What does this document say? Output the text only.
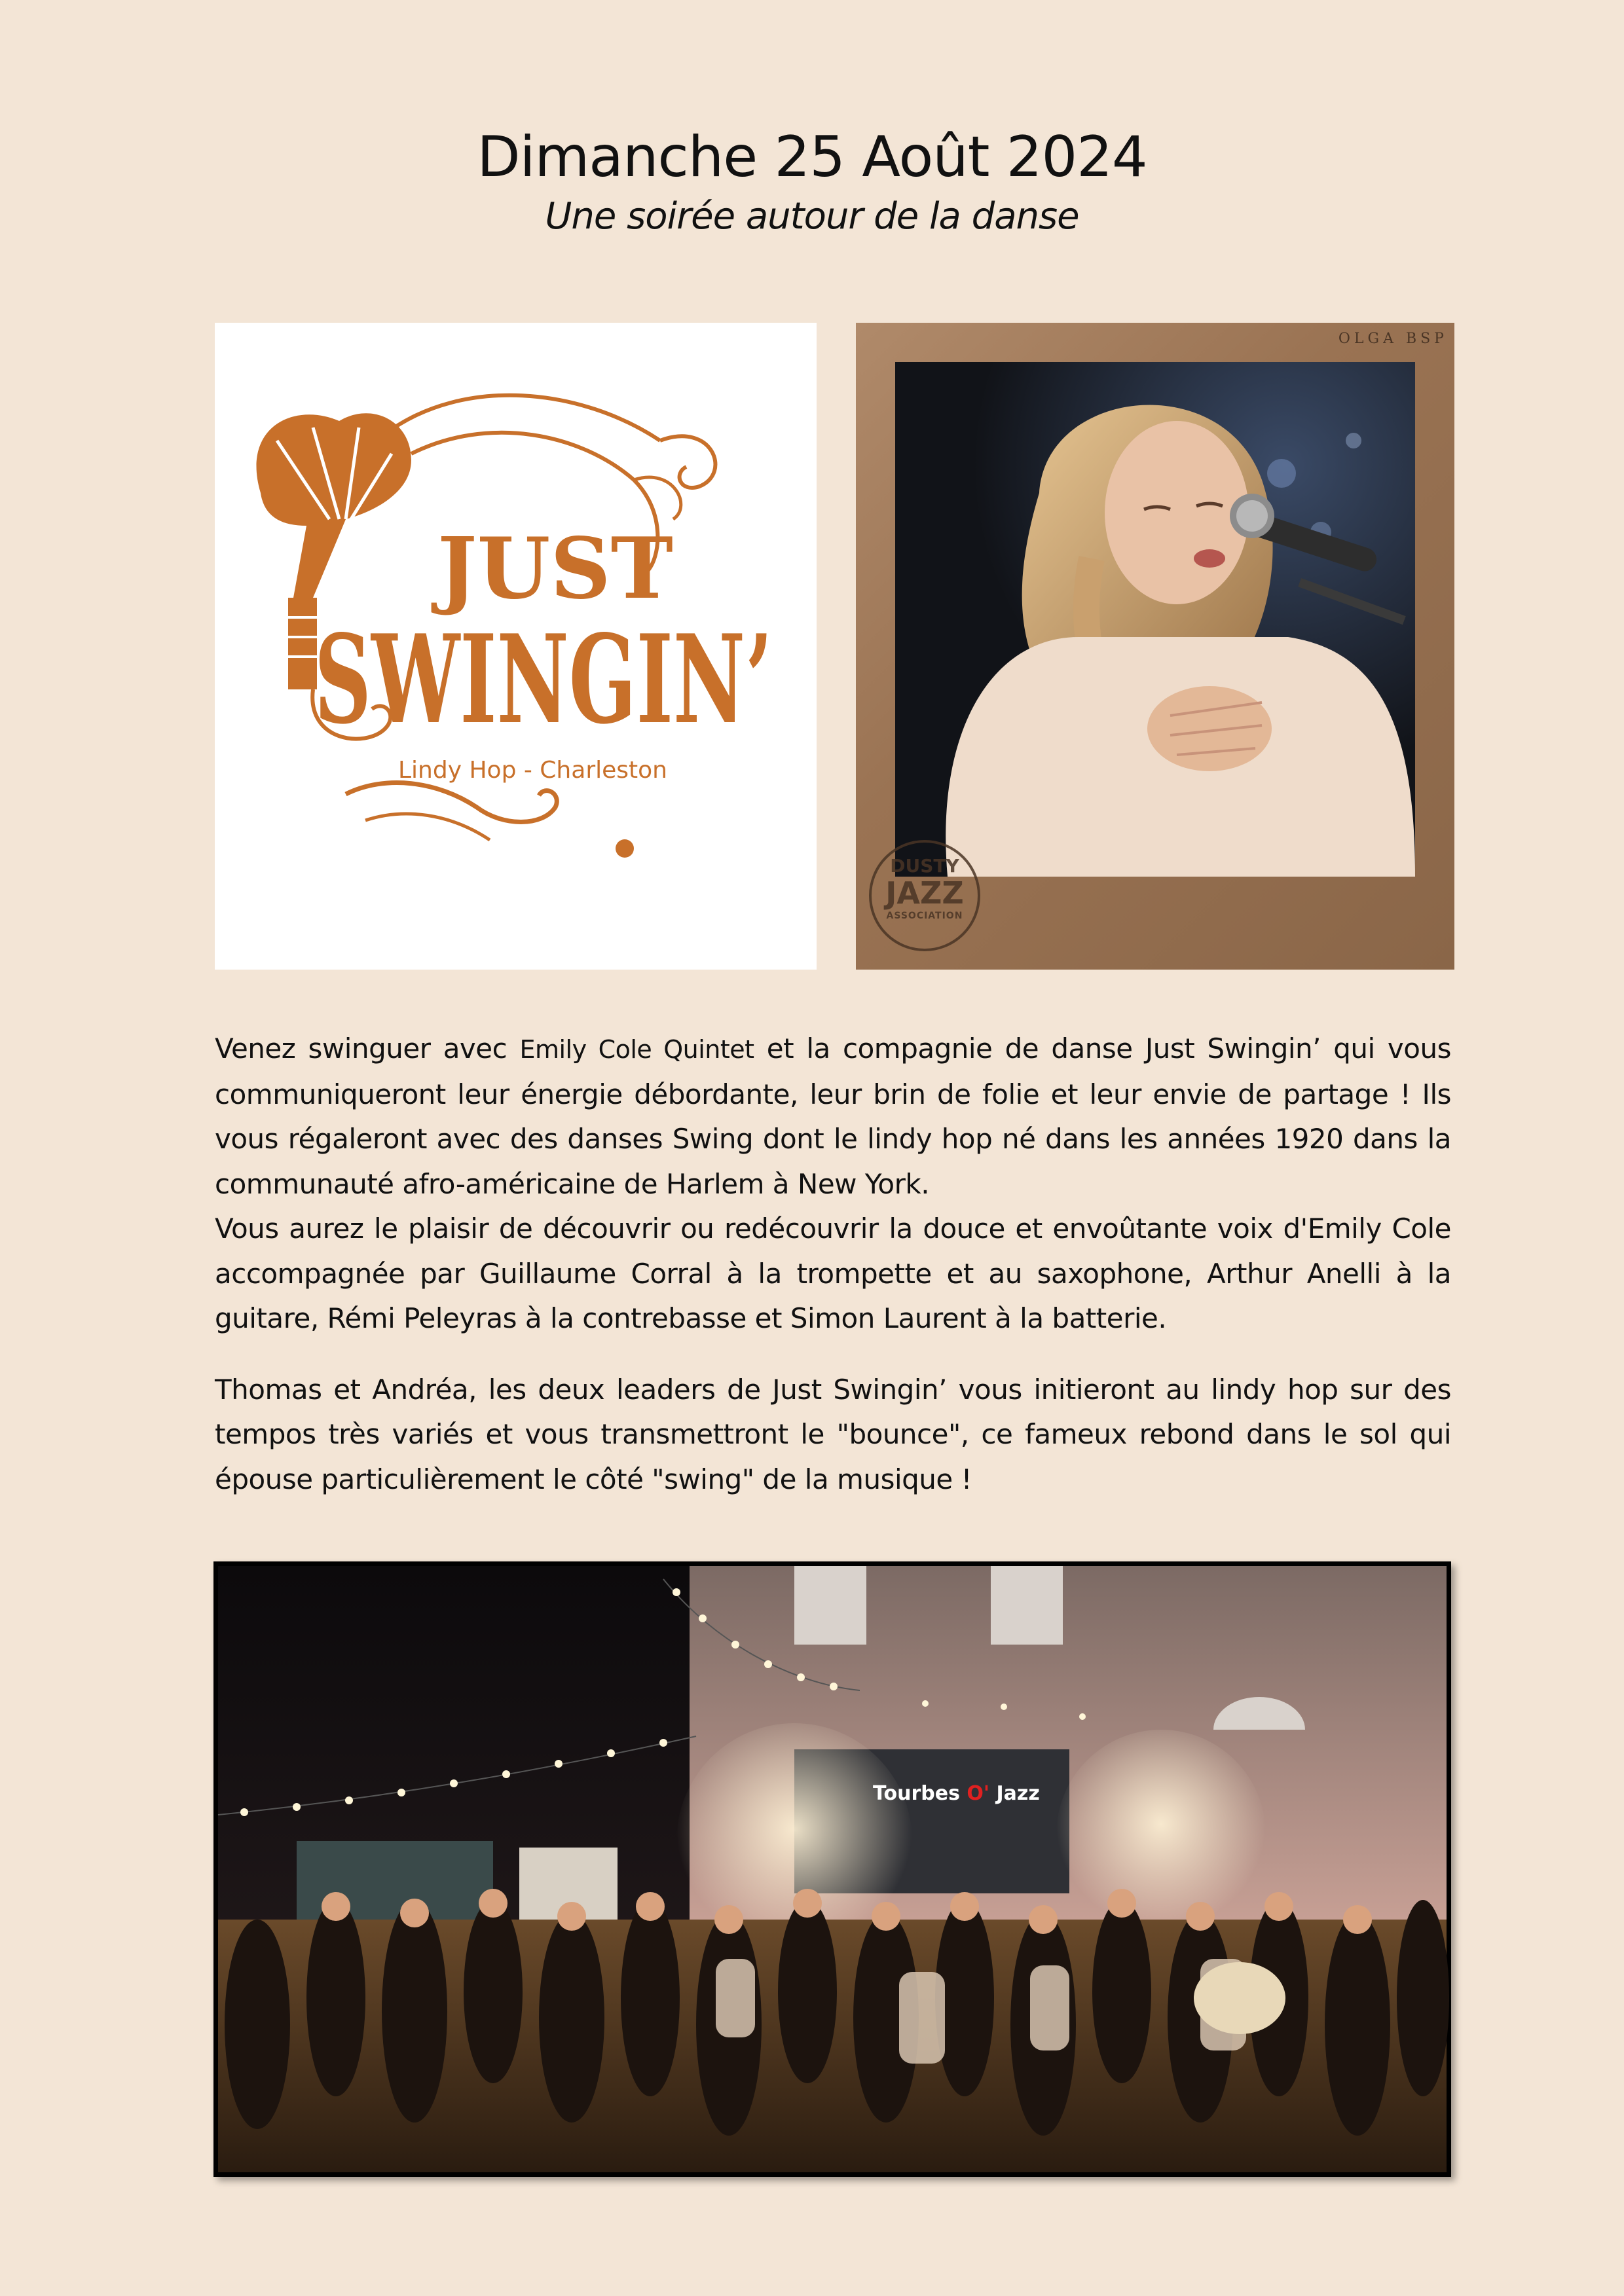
Dimanche 25 Août 2024

Une soirée autour de la danse

JUST
SWINGIN’
Lindy Hop - Charleston
OLGA BSP
DUSTY
JAZZ
ASSOCIATION

Venez swinguer avec Emily Cole Quintet et la compagnie de danse Just Swingin’ qui vous communiqueront leur énergie débordante, leur brin de folie et leur envie de partage ! Ils vous régaleront avec des danses Swing dont le lindy hop né dans les années 1920 dans la communauté afro-américaine de Harlem à New York.

Vous aurez le plaisir de découvrir ou redécouvrir la douce et envoûtante voix d'Emily Cole accompagnée par Guillaume Corral à la trompette et au saxophone, Arthur Anelli à la guitare, Rémi Peleyras à la contrebasse et Simon Laurent à la batterie.

Thomas et Andréa, les deux leaders de Just Swingin’ vous initieront au lindy hop sur des tempos très variés et vous transmettront le "bounce", ce fameux rebond dans le sol qui épouse particulièrement le côté "swing" de la musique !

Tourbes O' Jazz
